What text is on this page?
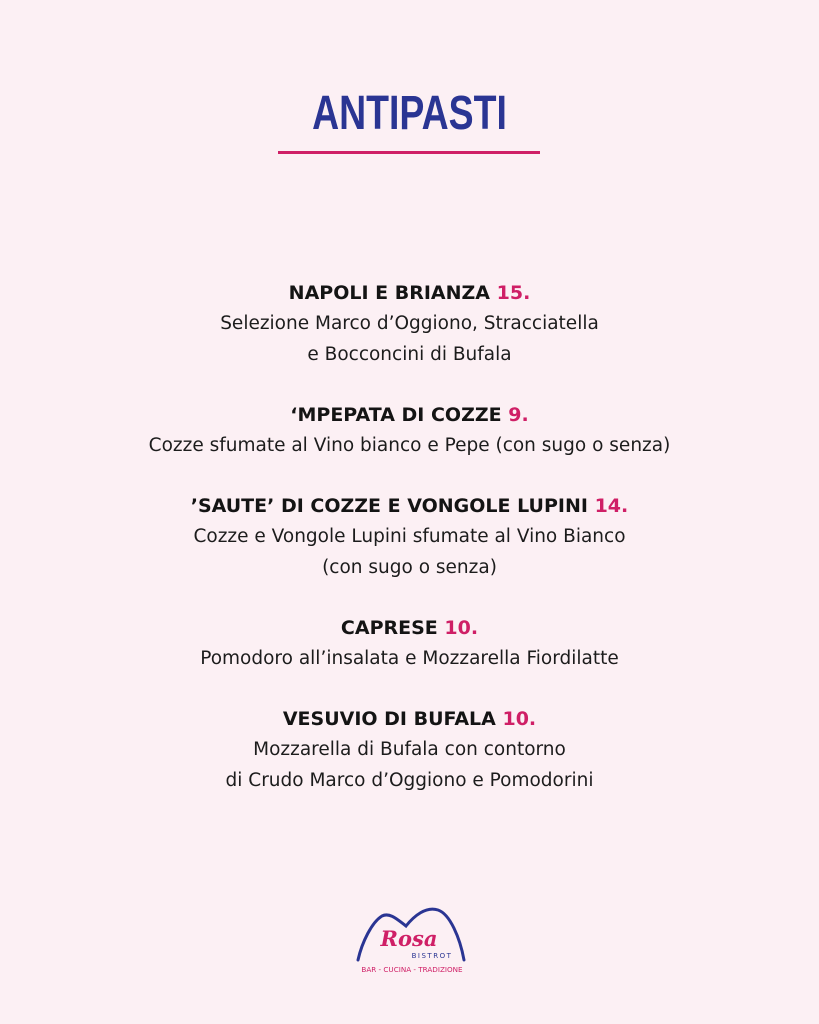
ANTIPASTI
NAPOLI E BRIANZA 15.
Selezione Marco d’Oggiono, Stracciatella
e Bocconcini di Bufala
‘MPEPATA DI COZZE 9.
Cozze sfumate al Vino bianco e Pepe (con sugo o senza)
’SAUTE’ DI COZZE E VONGOLE LUPINI 14.
Cozze e Vongole Lupini sfumate al Vino Bianco
(con sugo o senza)
CAPRESE 10.
Pomodoro all’insalata e Mozzarella Fiordilatte
VESUVIO DI BUFALA 10.
Mozzarella di Bufala con contorno
di Crudo Marco d’Oggiono e Pomodorini
Rosa
BISTROT
BAR - CUCINA - TRADIZIONE
